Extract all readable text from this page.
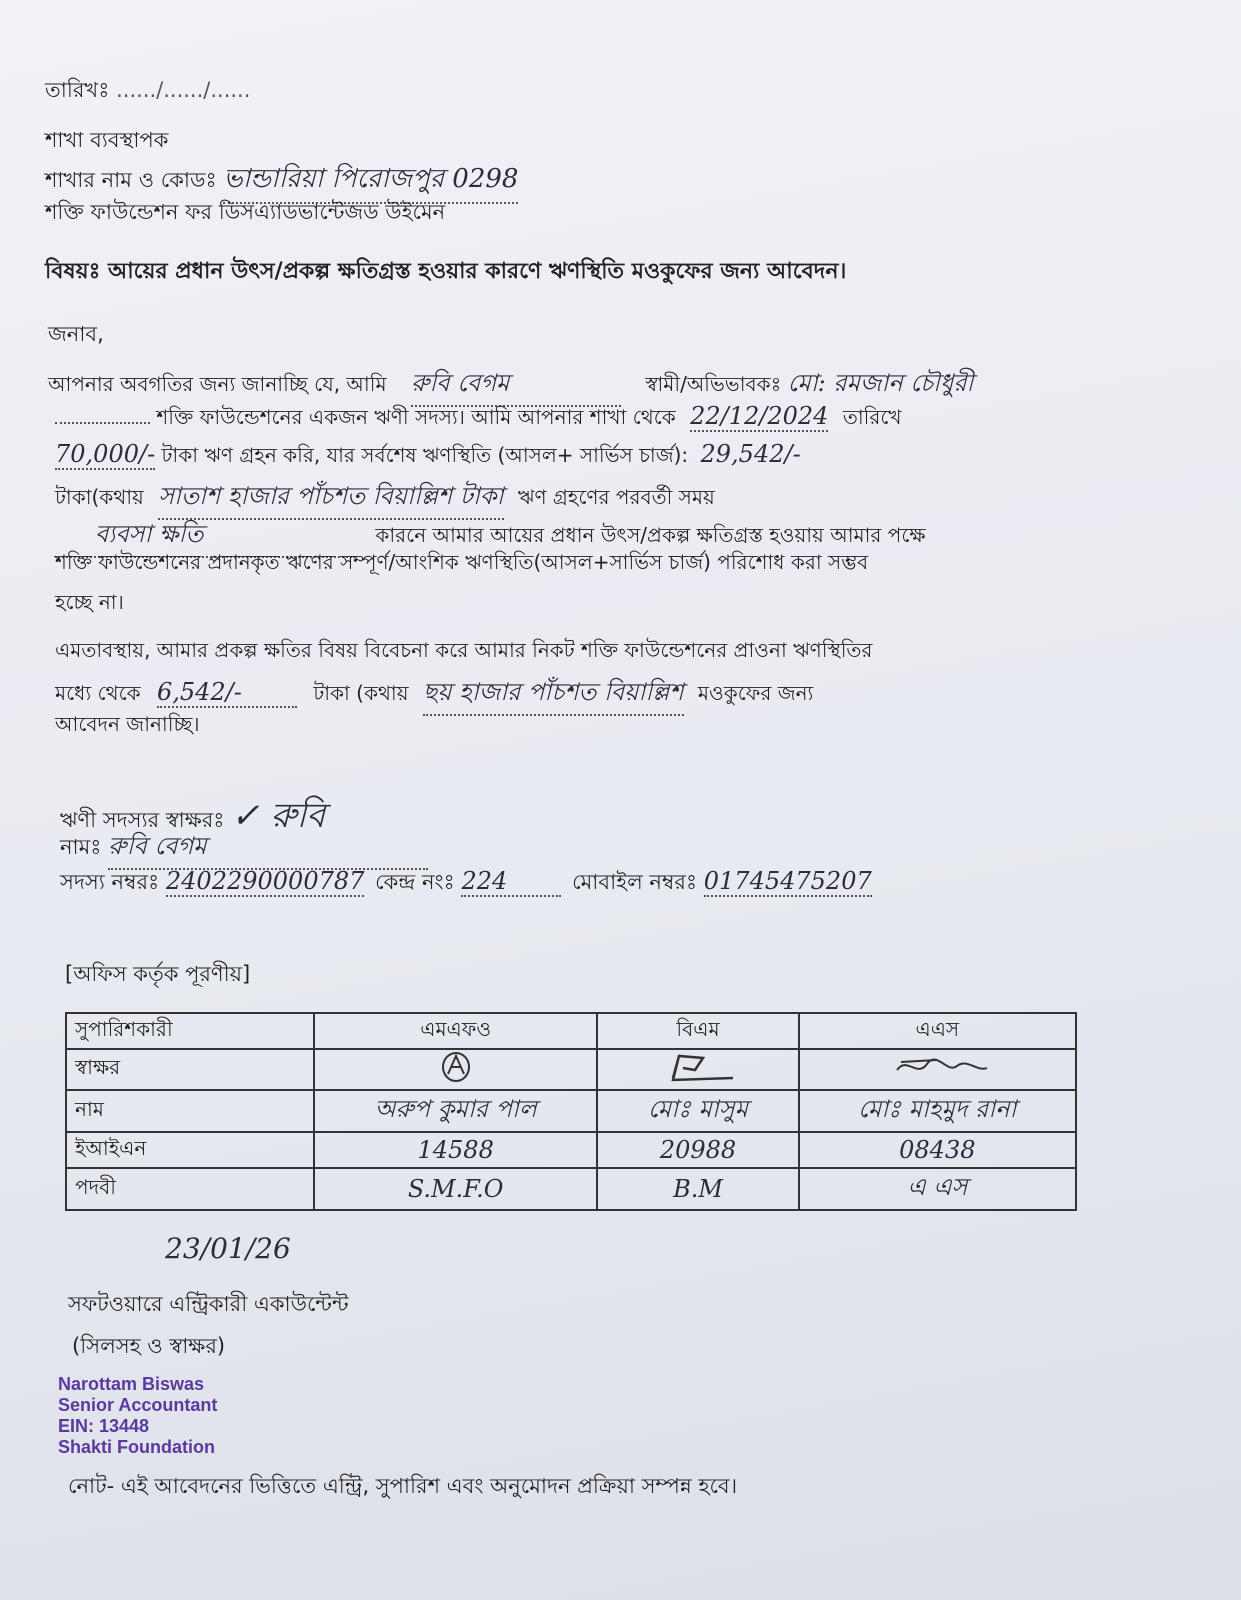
তারিখঃ ....../....../......
শাখা ব্যবস্থাপক
শাখার নাম ও কোডঃ ভান্ডারিয়া পিরোজপুর 0298
শক্তি ফাউন্ডেশন ফর ডিসএ্যাডভান্টেজড উইমেন
বিষয়ঃ আয়ের প্রধান উৎস/প্রকল্প ক্ষতিগ্রস্ত হওয়ার কারণে ঋণস্থিতি মওকুফের জন্য আবেদন।
জনাব,
আপনার অবগতির জন্য জানাচ্ছি যে, আমি রুবি বেগম	স্বামী/অভিভাবকঃ মো: রমজান চৌধুরী
শক্তি ফাউন্ডেশনের একজন ঋণী সদস্য। আমি আপনার শাখা থেকে 22/12/2024 তারিখে
70,000/- টাকা ঋণ গ্রহন করি, যার সর্বশেষ ঋণস্থিতি (আসল+ সার্ভিস চার্জ): 29,542/-
টাকা(কথায় সাতাশ হাজার পাঁচশত বিয়াল্লিশ টাকা ঋণ গ্রহণের পরবর্তী সময়
ব্যবসা ক্ষতি	কারনে আমার আয়ের প্রধান উৎস/প্রকল্প ক্ষতিগ্রস্ত হওয়ায় আমার পক্ষে
শক্তি ফাউন্ডেশনের প্রদানকৃত ঋণের সম্পূর্ণ/আংশিক ঋণস্থিতি(আসল+সার্ভিস চার্জ) পরিশোধ করা সম্ভব
হচ্ছে না।
এমতাবস্থায়, আমার প্রকল্প ক্ষতির বিষয় বিবেচনা করে আমার নিকট শক্তি ফাউন্ডেশনের প্রাওনা ঋণস্থিতির
মধ্যে থেকে 6,542/-	টাকা (কথায় ছয় হাজার পাঁচশত বিয়াল্লিশ মওকুফের জন্য
আবেদন জানাচ্ছি।
ঋণী সদস্যর স্বাক্ষরঃ ✓ রুবি
নামঃ রুবি বেগম
সদস্য নম্বরঃ 2402290000787 কেন্দ্র নংঃ 224	মোবাইল নম্বরঃ 01745475207
[অফিস কর্তৃক পূরণীয়]
সুপারিশকারী	এমএফও	বিএম	এএস
স্বাক্ষর			
নাম	অরুপ কুমার পাল	মোঃ মাসুম	মোঃ মাহমুদ রানা
ইআইএন	14588	20988	08438
পদবী	S.M.F.O	B.M	এ এস
23/01/26
সফটওয়ারে এন্ট্রিকারী একাউন্টেন্ট
(সিলসহ ও স্বাক্ষর)
Narottam Biswas
Senior Accountant
EIN: 13448
Shakti Foundation
নোট- এই আবেদনের ভিত্তিতে এন্ট্রি, সুপারিশ এবং অনুমোদন প্রক্রিয়া সম্পন্ন হবে।
